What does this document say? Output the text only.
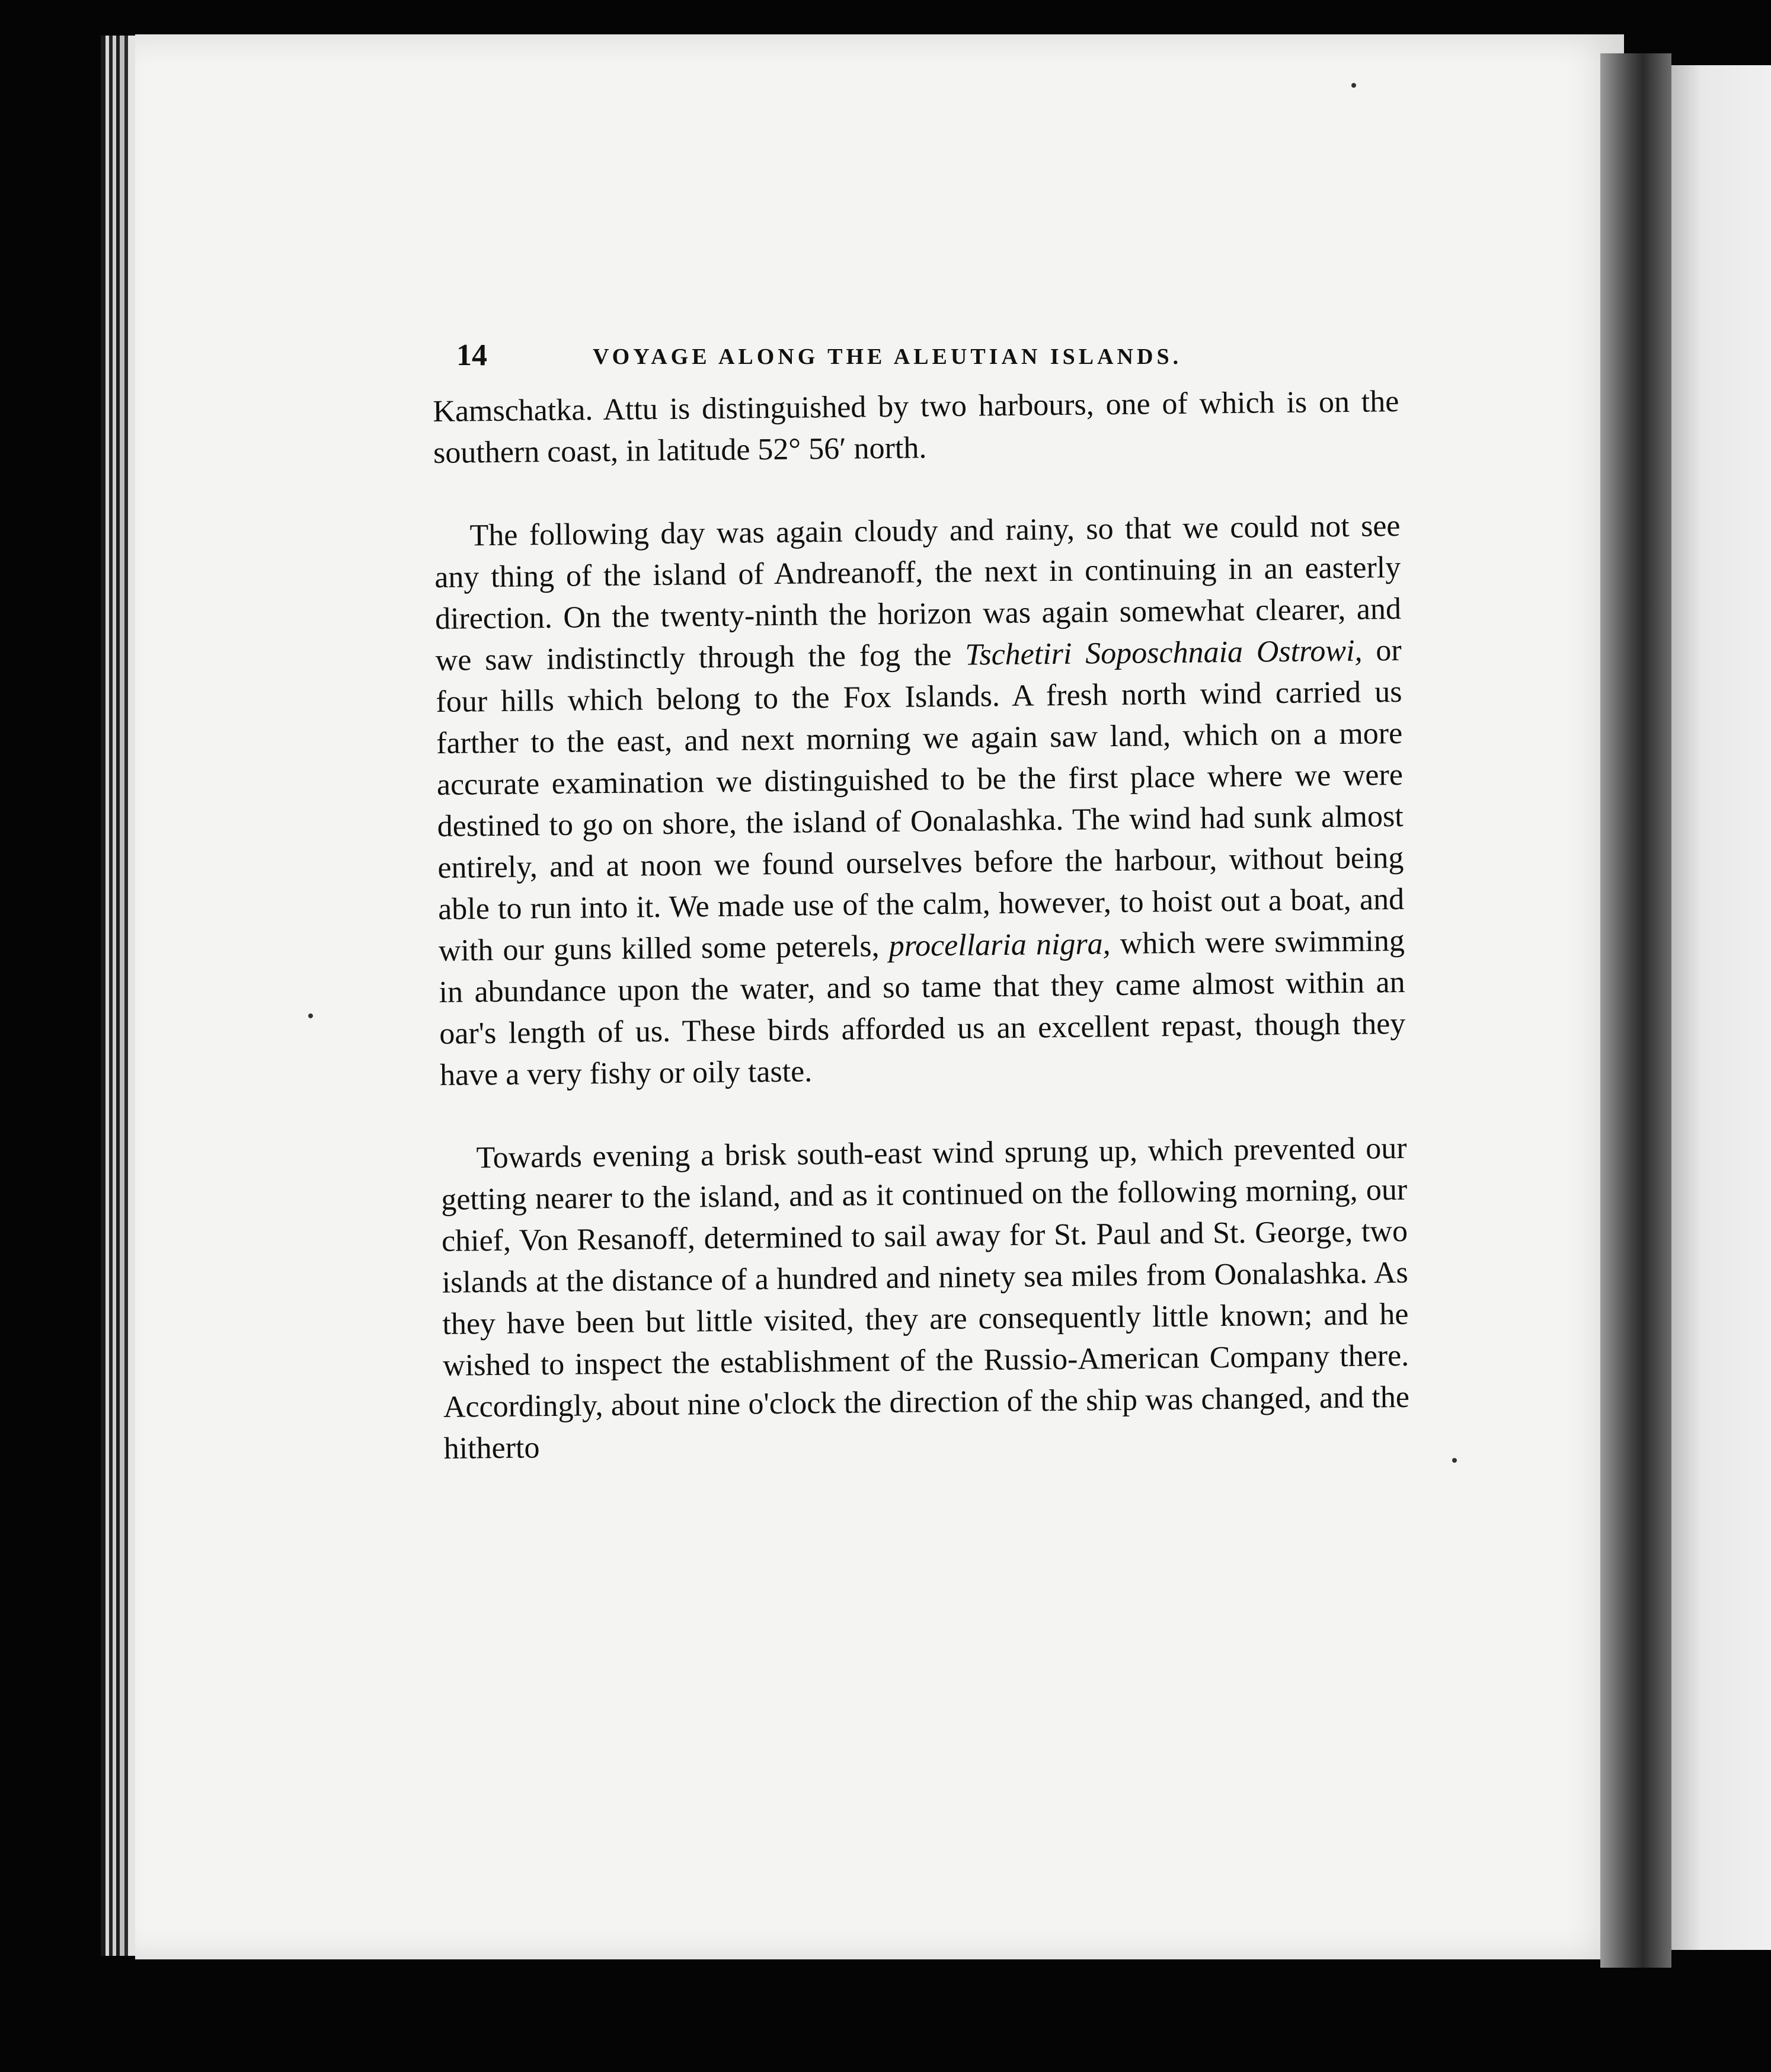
14	VOYAGE ALONG THE ALEUTIAN ISLANDS.

Kamschatka. Attu is distinguished by two harbours, one of which is on the southern coast, in latitude 52° 56′ north.

The following day was again cloudy and rainy, so that we could not see any thing of the island of Andreanoff, the next in continuing in an easterly direction. On the twenty-ninth the horizon was again somewhat clearer, and we saw indistinctly through the fog the Tschetiri Soposchnaia Ostrowi, or four hills which belong to the Fox Islands. A fresh north wind carried us farther to the east, and next morning we again saw land, which on a more accurate examination we distinguished to be the first place where we were destined to go on shore, the island of Oonalashka. The wind had sunk almost entirely, and at noon we found ourselves before the harbour, without being able to run into it. We made use of the calm, however, to hoist out a boat, and with our guns killed some peterels, procellaria nigra, which were swimming in abundance upon the water, and so tame that they came almost within an oar's length of us. These birds afforded us an excellent repast, though they have a very fishy or oily taste.

Towards evening a brisk south-east wind sprung up, which prevented our getting nearer to the island, and as it continued on the following morning, our chief, Von Resanoff, determined to sail away for St. Paul and St. George, two islands at the distance of a hundred and ninety sea miles from Oonalashka. As they have been but little visited, they are consequently little known; and he wished to inspect the establishment of the Russio-American Company there. Accordingly, about nine o'clock the direction of the ship was changed, and the hitherto
